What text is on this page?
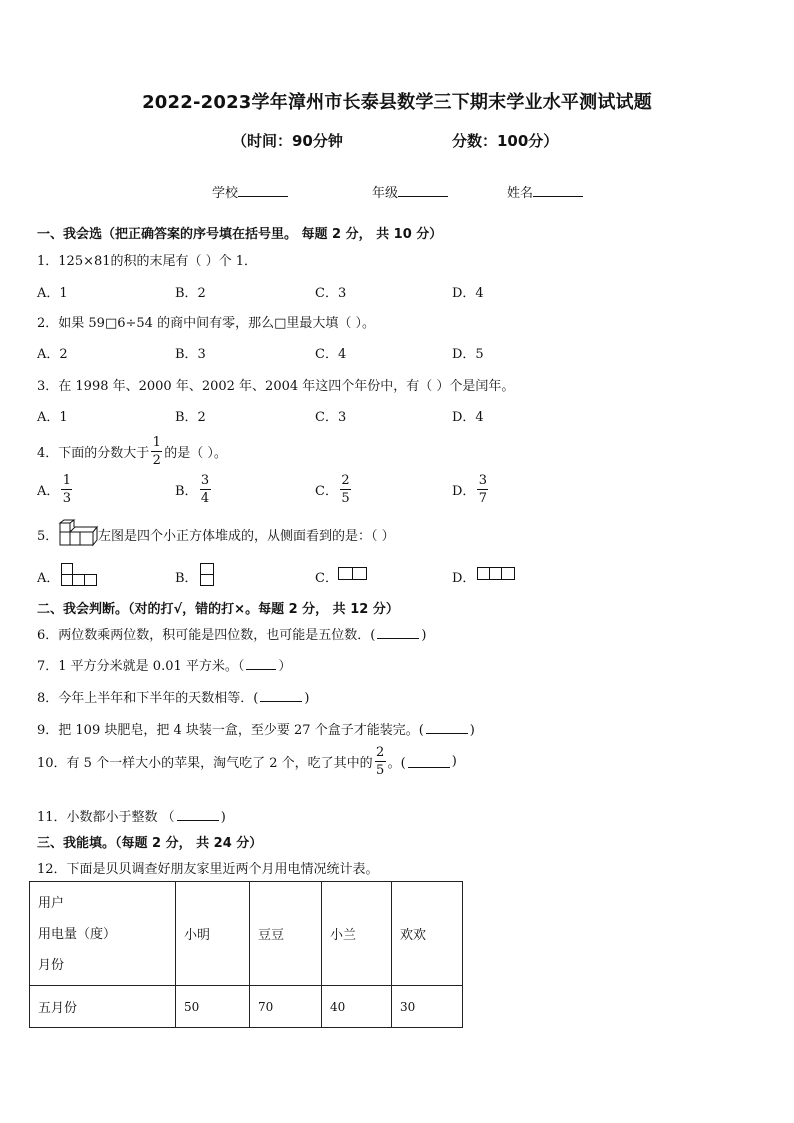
2022-2023学年漳州市长泰县数学三下期末学业水平测试试题
（时间：90分钟	分数：100分）
学校	年级	姓名
一、我会选（把正确答案的序号填在括号里。 每题 2 分， 共 10 分）
1．125×81的积的末尾有（ ）个 1．
A．1	B．2	C．3	D．4
2．如果 59□6÷54 的商中间有零，那么□里最大填（ ）。
A．2	B．3	C．4	D．5
3．在 1998 年、2000 年、2002 年、2004 年这四个年份中，有（ ）个是闰年。
A．1	B．2	C．3	D．4
4．下面的分数大于 $\frac{1}{2}$ 的是（ ）。
A． $\frac{1}{3}$	B． $\frac{3}{4}$	C． $\frac{2}{5}$	D． $\frac{3}{7}$
5．	左图是四个小正方体堆成的，从侧面看到的是：（ ）
A．	B．	C．	D．
二、我会判断。（对的打√，错的打×。每题 2 分， 共 12 分）
6．两位数乘两位数，积可能是四位数，也可能是五位数．(	)
7．1 平方分米就是 0.01 平方米。（	）
8．今年上半年和下半年的天数相等．(	)
9．把 109 块肥皂，把 4 块装一盒，至少要 27 个盒子才能装完。(	)
10．有 5 个一样大小的苹果，淘气吃了 2 个，吃了其中的 $\frac{2}{5}$ 。(	)
11．小数都小于整数 （	)
三、我能填。（每题 2 分， 共 24 分）
12．下面是贝贝调查好朋友家里近两个月用电情况统计表。
用户
用电量（度）
月份	小明	豆豆	小兰	欢欢
五月份	50	70	40	30
